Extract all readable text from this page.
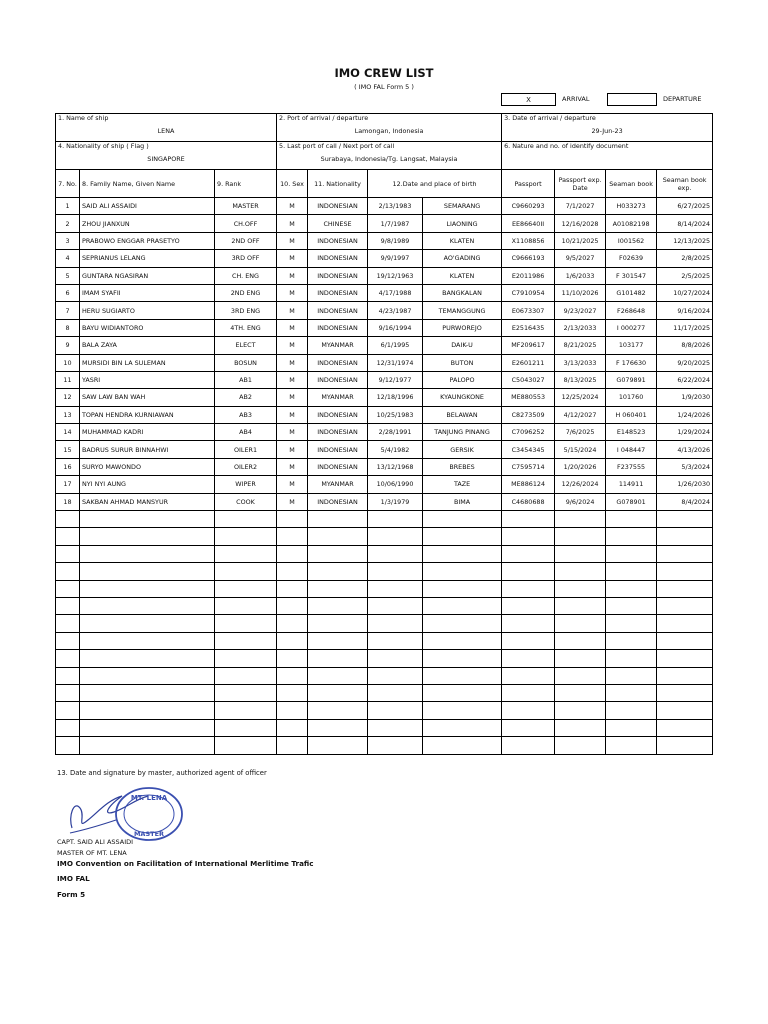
IMO CREW LIST
( IMO FAL Form 5 )
X	ARRIVAL	DEPARTURE
1. Name of ship
LENA			2. Port of arrival / departure
Lamongan, Indonesia				3. Date of arrival / departure
29-Jun-23			

4. Nationality of ship ( Flag )
SINGAPORE			5. Last port of call / Next port of call
Surabaya, Indonesia/Tg. Langsat, Malaysia				6. Nature and no. of identify document			
7. No.	8. Family Name, Given Name	9. Rank	10. Sex	11. Nationality	12.Date and place of birth		Passport	Passport exp. Date	Seaman book	Seaman book exp.
1	SAID ALI ASSAIDI	MASTER	M	INDONESIAN	2/13/1983	SEMARANG	C9660293	7/1/2027	H033273	6/27/2025
2	ZHOU JIANXUN	CH.OFF	M	CHINESE	1/7/1987	LIAONING	EE86640II	12/16/2028	A01082198	8/14/2024
3	PRABOWO ENGGAR PRASETYO	2ND OFF	M	INDONESIAN	9/8/1989	KLATEN	X1108856	10/21/2025	I001562	12/13/2025
4	SEPRIANUS LELANG	3RD OFF	M	INDONESIAN	9/9/1997	AO'GADING	C9666193	9/5/2027	F02639	2/8/2025
5	GUNTARA NGASIRAN	CH. ENG	M	INDONESIAN	19/12/1963	KLATEN	E2011986	1/6/2033	F 301547	2/5/2025
6	IMAM SYAFII	2ND ENG	M	INDONESIAN	4/17/1988	BANGKALAN	C7910954	11/10/2026	G101482	10/27/2024
7	HERU SUGIARTO	3RD ENG	M	INDONESIAN	4/23/1987	TEMANGGUNG	E0673307	9/23/2027	F268648	9/16/2024
8	BAYU WIDIANTORO	4TH. ENG	M	INDONESIAN	9/16/1994	PURWOREJO	E2516435	2/13/2033	I 000277	11/17/2025
9	BALA ZAYA	ELECT	M	MYANMAR	6/1/1995	DAIK-U	MF209617	8/21/2025	103177	8/8/2026
10	MURSIDI BIN LA SULEMAN	BOSUN	M	INDONESIAN	12/31/1974	BUTON	E2601211	3/13/2033	F 176630	9/20/2025
11	YASRI	AB1	M	INDONESIAN	9/12/1977	PALOPO	C5043027	8/13/2025	G079891	6/22/2024
12	SAW LAW BAN WAH	AB2	M	MYANMAR	12/18/1996	KYAUNGKONE	ME880553	12/25/2024	101760	1/9/2030
13	TOPAN HENDRA KURNIAWAN	AB3	M	INDONESIAN	10/25/1983	BELAWAN	C8273509	4/12/2027	H 060401	1/24/2026
14	MUHAMMAD KADRI	AB4	M	INDONESIAN	2/28/1991	TANJUNG PINANG	C7096252	7/6/2025	E148523	1/29/2024
15	BADRUS SURUR BINNAHWI	OILER1	M	INDONESIAN	5/4/1982	GERSIK	C3454345	5/15/2024	I 048447	4/13/2026
16	SURYO MAWONDO	OILER2	M	INDONESIAN	13/12/1968	BREBES	C7595714	1/20/2026	F237555	5/3/2024
17	NYI NYI AUNG	WIPER	M	MYANMAR	10/06/1990	TAZE	ME886124	12/26/2024	114911	1/26/2030
18	SAKBAN AHMAD MANSYUR	COOK	M	INDONESIAN	1/3/1979	BIMA	C4680688	9/6/2024	G078901	8/4/2024

13. Date and signature by master, authorized agent of officer
MT. LENA
MASTER
CAPT. SAID ALI ASSAIDI
MASTER OF MT. LENA
IMO Convention on Facilitation of International Merlitime Trafic
IMO FAL
Form 5
